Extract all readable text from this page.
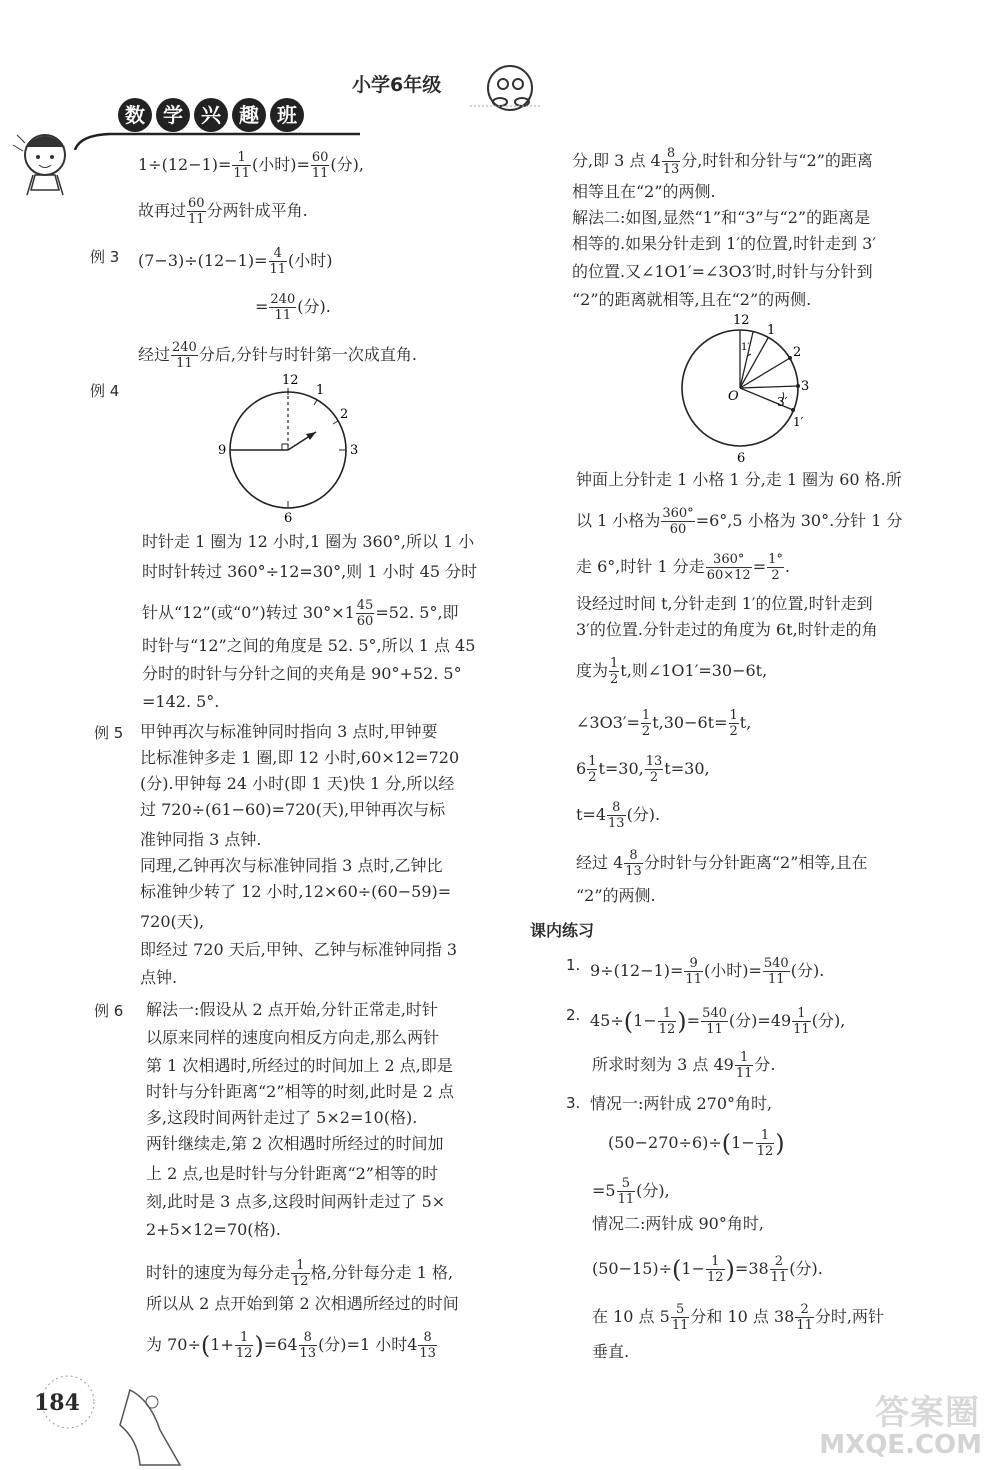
小学6年级
数 学 兴 趣 班
$1\div(12-1)= \frac{1}{11}$ (小时)= $\frac{60}{11}$ (分),
故再过 $\frac{60}{11}$ 分两针成平角.
例 3 $(7-3)\div(12-1)= \frac{4}{11}$ (小时)
= $\frac{240}{11}$ (分).
经过 $\frac{240}{11}$ 分后,分针与时针第一次成直角.
例 4
12
1
2
3
6
9
时针走 1 圈为 12 小时,1 圈为 360°,所以 1 小
时时针转过 360°÷12=30°,则 1 小时 45 分时
针从“12”(或“0”)转过 $30^\circ\times 1 \frac{45}{60} =52$. 5°,即
时针与“12”之间的角度是 52. 5°,所以 1 点 45
分时的时针与分针之间的夹角是 90°+52. 5°
=142. 5°.
例 5 甲钟再次与标准钟同时指向 3 点时,甲钟要
比标准钟多走 1 圈,即 12 小时,60×12=720
(分).甲钟每 24 小时(即 1 天)快 1 分,所以经
过 720÷(61−60)=720(天),甲钟再次与标
准钟同指 3 点钟.
同理,乙钟再次与标准钟同指 3 点时,乙钟比
标准钟少转了 12 小时,12×60÷(60−59)=
720(天),
即经过 720 天后,甲钟、乙钟与标准钟同指 3
点钟.
例 6 解法一:假设从 2 点开始,分针正常走,时针
以原来同样的速度向相反方向走,那么两针
第 1 次相遇时,所经过的时间加上 2 点,即是
时针与分针距离“2”相等的时刻,此时是 2 点
多,这段时间两针走过了 5×2=10(格).
两针继续走,第 2 次相遇时所经过的时间加
上 2 点,也是时针与分针距离“2”相等的时
刻,此时是 3 点多,这段时间两针走过了 5×
2+5×12=70(格).
时针的速度为每分走 $\frac{1}{12}$ 格,分针每分走 1 格,
所以从 2 点开始到第 2 次相遇所经过的时间
为 $70\div(1+ \frac{1}{12} )=64 \frac{8}{13}$ (分)=1 小时$4 \frac{8}{13}$
分,即 3 点 $4 \frac{8}{13}$ 分,时针和分针与“2”的距离
相等且在“2”的两侧.
解法二:如图,显然“1”和“3”与“2”的距离是
相等的.如果分针走到 1′的位置,时针走到 3′
的位置.又∠1O1′=∠3O3′时,时针与分针到
“2”的距离就相等,且在“2”的两侧.
12
1
2
3
3′
1′
6
O
1′
钟面上分针走 1 小格 1 分,走 1 圈为 60 格.所
以 1 小格为 $\frac{360^\circ}{60} =6^\circ,5$ 小格为 30°.分针 1 分
走 6°,时针 1 分走 $\frac{360^\circ}{60\times 12} = \frac{1^\circ}{2}$ .
设经过时间 t,分针走到 1′的位置,时针走到
3′的位置.分针走过的角度为 6t,时针走的角
度为 $\frac{1}{2} t$,则∠1O1′=30−6t,
∠3O3′= $\frac{1}{2} t,30-6t= \frac{1}{2} t$,
$6 \frac{1}{2} t=30$, $\frac{13}{2} t=30$,
$t=4 \frac{8}{13}$ (分).
经过 $4 \frac{8}{13}$ 分时针与分针距离“2”相等,且在
“2”的两侧.
课内练习
1. $9\div(12-1)= \frac{9}{11}$ (小时)= $\frac{540}{11}$ (分).
2. $45\div(1- \frac{1}{12}$ )= $\frac{540}{11}$ (分)$=49 \frac{1}{11}$ (分),
所求时刻为 3 点 $49 \frac{1}{11}$ 分.
3. 情况一:两针成 270°角时,
$(50-270\div 6)\div(1- \frac{1}{12}$ )
$=5 \frac{5}{11}$ (分),
情况二:两针成 90°角时,
$(50-15)\div(1- \frac{1}{12} )=38 \frac{2}{11}$ (分).
在 10 点 $5 \frac{5}{11}$ 分和 10 点 $38 \frac{2}{11}$ 分时,两针
垂直.
184	答案圈
MXQE.COM
